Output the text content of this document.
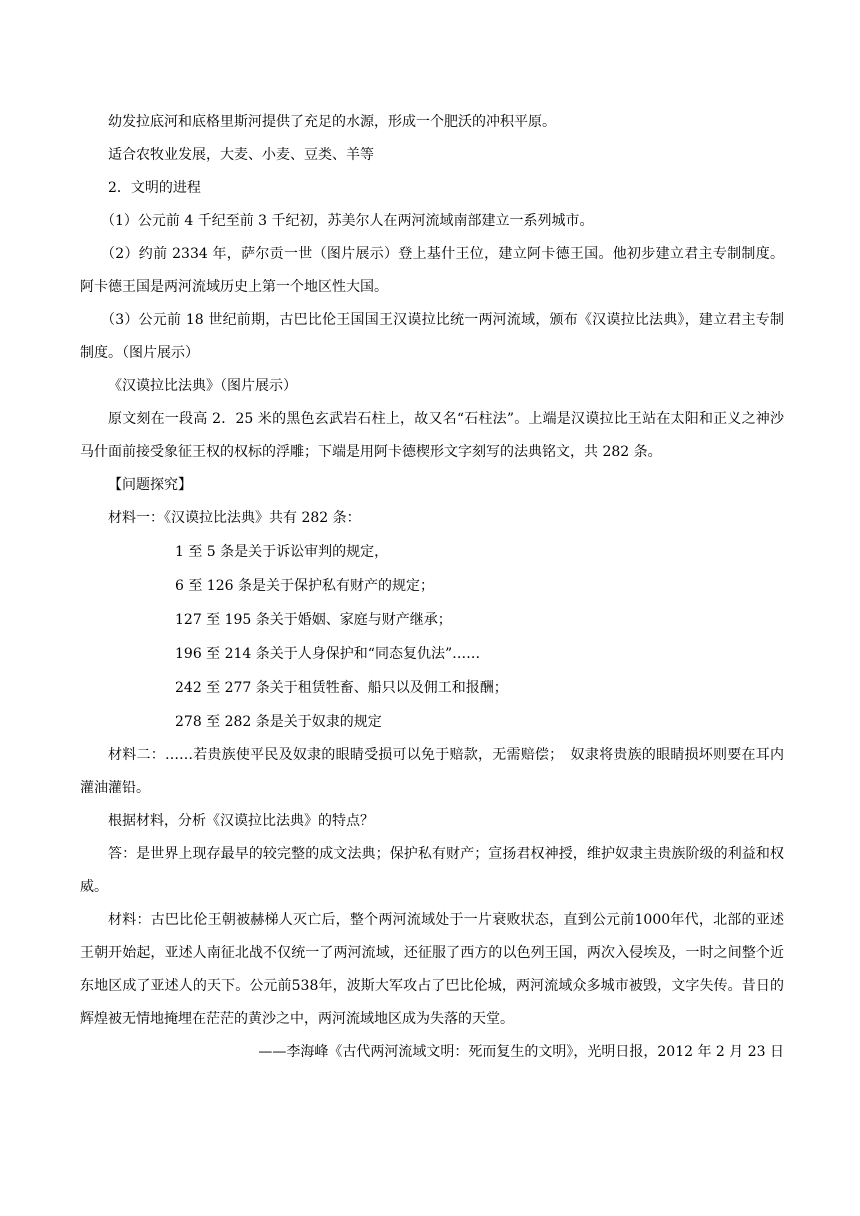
幼发拉底河和底格里斯河提供了充足的水源，形成一个肥沃的冲积平原。

适合农牧业发展，大麦、小麦、豆类、羊等

2．文明的进程

（1）公元前 4 千纪至前 3 千纪初，苏美尔人在两河流域南部建立一系列城市。

（2）约前 2334 年，萨尔贡一世（图片展示）登上基什王位，建立阿卡德王国。他初步建立君主专制制度。阿卡德王国是两河流域历史上第一个地区性大国。

（3）公元前 18 世纪前期，古巴比伦王国国王汉谟拉比统一两河流域，颁布《汉谟拉比法典》，建立君主专制制度。（图片展示）

《汉谟拉比法典》（图片展示）

原文刻在一段高 2．25 米的黑色玄武岩石柱上，故又名“石柱法”。上端是汉谟拉比王站在太阳和正义之神沙马什面前接受象征王权的权标的浮雕；下端是用阿卡德楔形文字刻写的法典铭文，共 282 条。

【问题探究】

材料一：《汉谟拉比法典》共有 282 条：

1 至 5 条是关于诉讼审判的规定，

6 至 126 条是关于保护私有财产的规定；

127 至 195 条关于婚姻、家庭与财产继承；

196 至 214 条关于人身保护和“同态复仇法”……

242 至 277 条关于租赁牲畜、船只以及佣工和报酬；

278 至 282 条是关于奴隶的规定

材料二：……若贵族使平民及奴隶的眼睛受损可以免于赔款，无需赔偿；　奴隶将贵族的眼睛损坏则要在耳内灌油灌铅。

根据材料，分析《汉谟拉比法典》的特点？

答：是世界上现存最早的较完整的成文法典；保护私有财产；宣扬君权神授，维护奴隶主贵族阶级的利益和权威。

材料：古巴比伦王朝被赫梯人灭亡后，整个两河流域处于一片衰败状态，直到公元前1000年代，北部的亚述王朝开始起，亚述人南征北战不仅统一了两河流域，还征服了西方的以色列王国，两次入侵埃及，一时之间整个近东地区成了亚述人的天下。公元前538年，波斯大军攻占了巴比伦城，两河流域众多城市被毁，文字失传。昔日的辉煌被无情地掩埋在茫茫的黄沙之中，两河流域地区成为失落的天堂。

——李海峰《古代两河流域文明：死而复生的文明》，光明日报，2012 年 2 月 23 日
